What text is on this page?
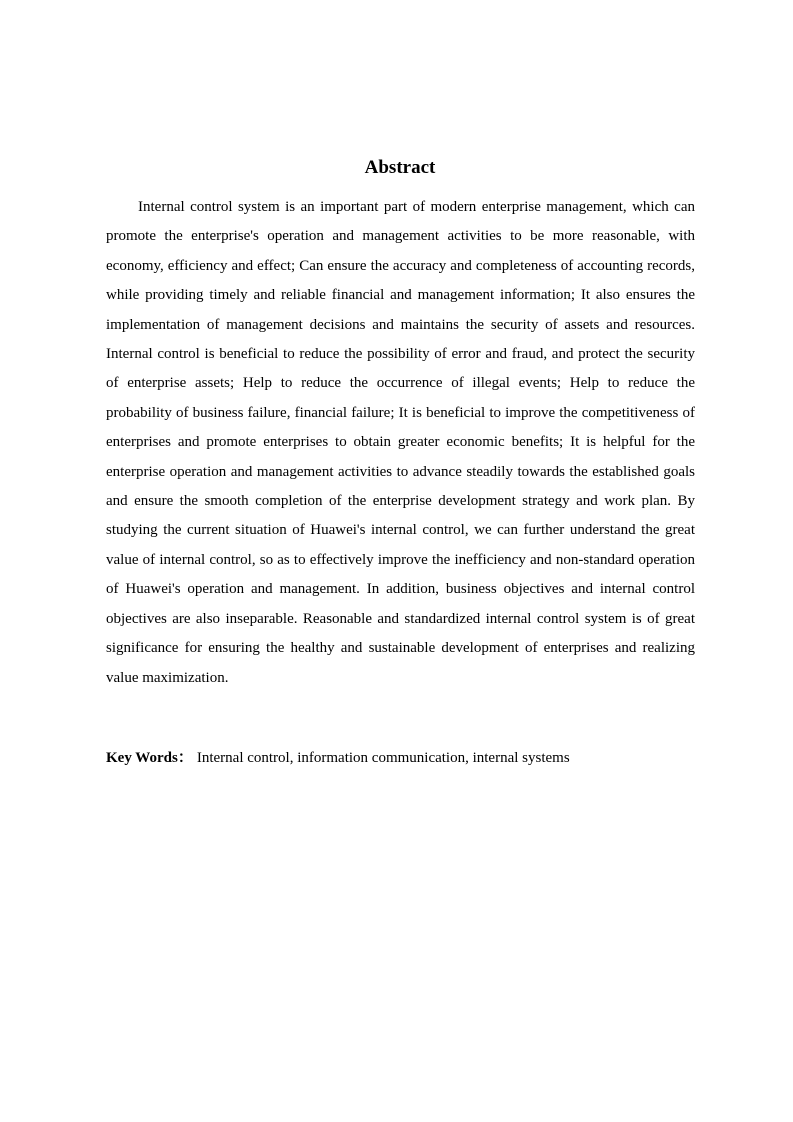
Abstract

Internal control system is an important part of modern enterprise management, which can promote the enterprise's operation and management activities to be more reasonable, with economy, efficiency and effect; Can ensure the accuracy and completeness of accounting records, while providing timely and reliable financial and management information; It also ensures the implementation of management decisions and maintains the security of assets and resources. Internal control is beneficial to reduce the possibility of error and fraud, and protect the security of enterprise assets; Help to reduce the occurrence of illegal events; Help to reduce the probability of business failure, financial failure; It is beneficial to improve the competitiveness of enterprises and promote enterprises to obtain greater economic benefits; It is helpful for the enterprise operation and management activities to advance steadily towards the established goals and ensure the smooth completion of the enterprise development strategy and work plan. By studying the current situation of Huawei's internal control, we can further understand the great value of internal control, so as to effectively improve the inefficiency and non-standard operation of Huawei's operation and management. In addition, business objectives and internal control objectives are also inseparable. Reasonable and standardized internal control system is of great significance for ensuring the healthy and sustainable development of enterprises and realizing value maximization.

Key Words： Internal control, information communication, internal systems
